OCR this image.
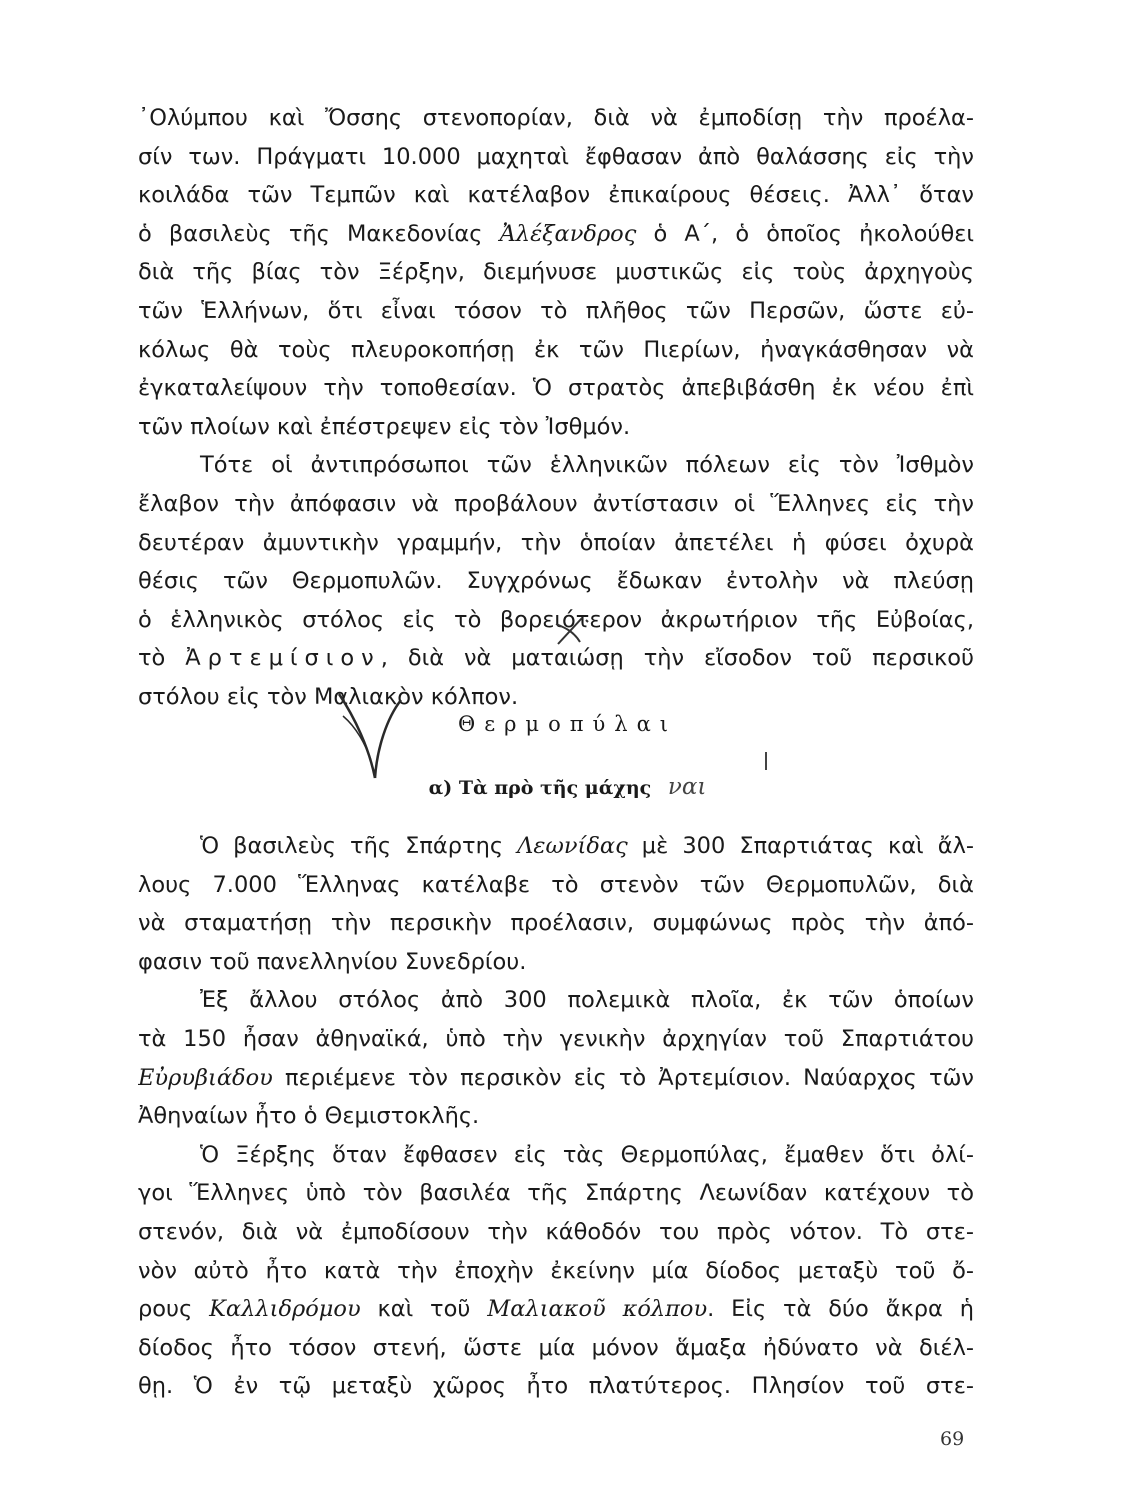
᾿Ολύμπου καὶ Ὄσσης στενοπορίαν, διὰ νὰ ἐμποδίσῃ τὴν προέλα-
σίν των. Πράγματι 10.000 μαχηταὶ ἔφθασαν ἀπὸ θαλάσσης εἰς τὴν
κοιλάδα τῶν Τεμπῶν καὶ κατέλαβον ἐπικαίρους θέσεις. Ἀλλ᾿ ὅταν
ὁ βασιλεὺς τῆς Μακεδονίας Ἀλέξανδρος ὁ Α΄, ὁ ὁποῖος ἠκολούθει
διὰ τῆς βίας τὸν Ξέρξην, διεμήνυσε μυστικῶς εἰς τοὺς ἀρχηγοὺς
τῶν Ἑλλήνων, ὅτι εἶναι τόσον τὸ πλῆθος τῶν Περσῶν, ὥστε εὐ-
κόλως θὰ τοὺς πλευροκοπήσῃ ἐκ τῶν Πιερίων, ἠναγκάσθησαν νὰ
ἐγκαταλείψουν τὴν τοποθεσίαν. Ὁ στρατὸς ἀπεβιβάσθη ἐκ νέου ἐπὶ
τῶν πλοίων καὶ ἐπέστρεψεν εἰς τὸν Ἰσθμόν.
Τότε οἱ ἀντιπρόσωποι τῶν ἑλληνικῶν πόλεων εἰς τὸν Ἰσθμὸν
ἔλαβον τὴν ἀπόφασιν νὰ προβάλουν ἀντίστασιν οἱ Ἕλληνες εἰς τὴν
δευτέραν ἀμυντικὴν γραμμήν, τὴν ὁποίαν ἀπετέλει ἡ φύσει ὀχυρὰ
θέσις τῶν Θερμοπυλῶν. Συγχρόνως ἔδωκαν ἐντολὴν νὰ πλεύσῃ
ὁ ἑλληνικὸς στόλος εἰς τὸ βορειότερον ἀκρωτήριον τῆς Εὐβοίας,
τὸ Ἀρτεμίσιον, διὰ νὰ ματαιώσῃ τὴν εἴσοδον τοῦ περσικοῦ
στόλου εἰς τὸν Μαλιακὸν κόλπον.
Θερμοπύλαι
α) Τὰ πρὸ τῆς μάχης ναι
Ὁ βασιλεὺς τῆς Σπάρτης Λεωνίδας μὲ 300 Σπαρτιάτας καὶ ἄλ-
λους 7.000 Ἕλληνας κατέλαβε τὸ στενὸν τῶν Θερμοπυλῶν, διὰ
νὰ σταματήσῃ τὴν περσικὴν προέλασιν, συμφώνως πρὸς τὴν ἀπό-
φασιν τοῦ πανελληνίου Συνεδρίου.
Ἐξ ἄλλου στόλος ἀπὸ 300 πολεμικὰ πλοῖα, ἐκ τῶν ὁποίων
τὰ 150 ἦσαν ἀθηναϊκά, ὑπὸ τὴν γενικὴν ἀρχηγίαν τοῦ Σπαρτιάτου
Εὐρυβιάδου περιέμενε τὸν περσικὸν εἰς τὸ Ἀρτεμίσιον. Ναύαρχος τῶν
Ἀθηναίων ἦτο ὁ Θεμιστοκλῆς.
Ὁ Ξέρξης ὅταν ἔφθασεν εἰς τὰς Θερμοπύλας, ἔμαθεν ὅτι ὀλί-
γοι Ἕλληνες ὑπὸ τὸν βασιλέα τῆς Σπάρτης Λεωνίδαν κατέχουν τὸ
στενόν, διὰ νὰ ἐμποδίσουν τὴν κάθοδόν του πρὸς νότον. Τὸ στε-
νὸν αὐτὸ ἦτο κατὰ τὴν ἐποχὴν ἐκείνην μία δίοδος μεταξὺ τοῦ ὄ-
ρους Καλλιδρόμου καὶ τοῦ Μαλιακοῦ κόλπου. Εἰς τὰ δύο ἄκρα ἡ
δίοδος ἦτο τόσον στενή, ὥστε μία μόνον ἅμαξα ἠδύνατο νὰ διέλ-
θῃ. Ὁ ἐν τῷ μεταξὺ χῶρος ἦτο πλατύτερος. Πλησίον τοῦ στε-
69
